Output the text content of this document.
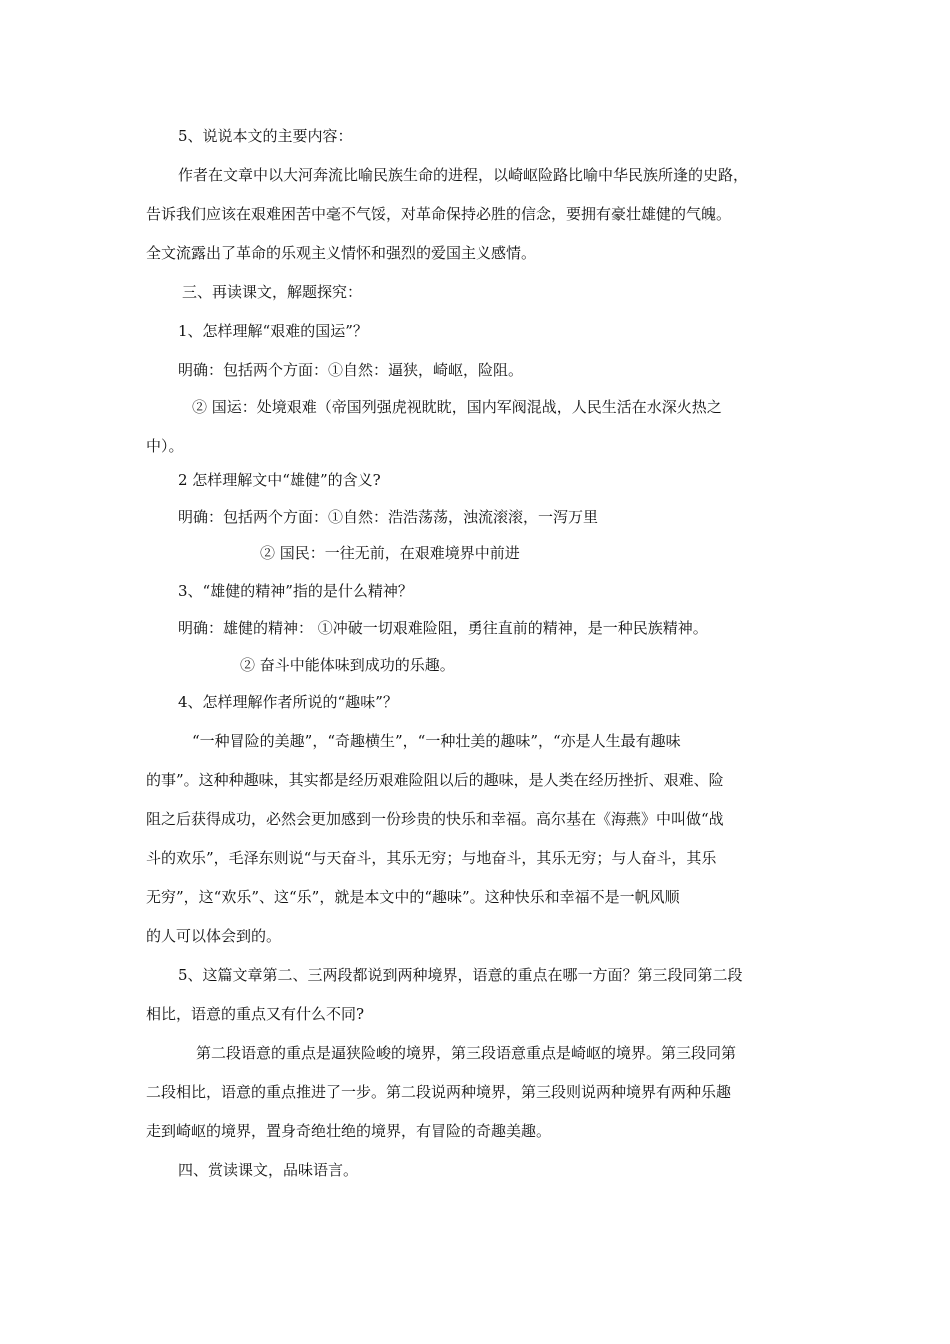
5、说说本文的主要内容：
作者在文章中以大河奔流比喻民族生命的进程，以崎岖险路比喻中华民族所逢的史路，
告诉我们应该在艰难困苦中毫不气馁，对革命保持必胜的信念，要拥有豪壮雄健的气魄。
全文流露出了革命的乐观主义情怀和强烈的爱国主义感情。
三、再读课文，解题探究：
1、怎样理解“艰难的国运”？
明确：包括两个方面：①自然：逼狭，崎岖，险阻。
② 国运：处境艰难（帝国列强虎视眈眈，国内军阀混战，人民生活在水深火热之
中）。
2 怎样理解文中“雄健”的含义?
明确：包括两个方面：①自然：浩浩荡荡，浊流滚滚，一泻万里
② 国民：一往无前，在艰难境界中前进
3、“雄健的精神”指的是什么精神？
明确：雄健的精神： ①冲破一切艰难险阻，勇往直前的精神，是一种民族精神。
② 奋斗中能体味到成功的乐趣。
4、怎样理解作者所说的“趣味”？
“一种冒险的美趣”，“奇趣横生”，“一种壮美的趣味”，“亦是人生最有趣味
的事”。这种种趣味，其实都是经历艰难险阻以后的趣味，是人类在经历挫折、艰难、险
阻之后获得成功，必然会更加感到一份珍贵的快乐和幸福。高尔基在《海燕》中叫做“战
斗的欢乐”，毛泽东则说“与天奋斗，其乐无穷；与地奋斗，其乐无穷；与人奋斗，其乐
无穷”，这“欢乐”、这“乐”，就是本文中的“趣味”。这种快乐和幸福不是一帆风顺
的人可以体会到的。
5、这篇文章第二、三两段都说到两种境界，语意的重点在哪一方面？第三段同第二段
相比，语意的重点又有什么不同?
第二段语意的重点是逼狭险峻的境界，第三段语意重点是崎岖的境界。第三段同第
二段相比，语意的重点推进了一步。第二段说两种境界，第三段则说两种境界有两种乐趣
走到崎岖的境界，置身奇绝壮绝的境界，有冒险的奇趣美趣。
四、赏读课文，品味语言。
